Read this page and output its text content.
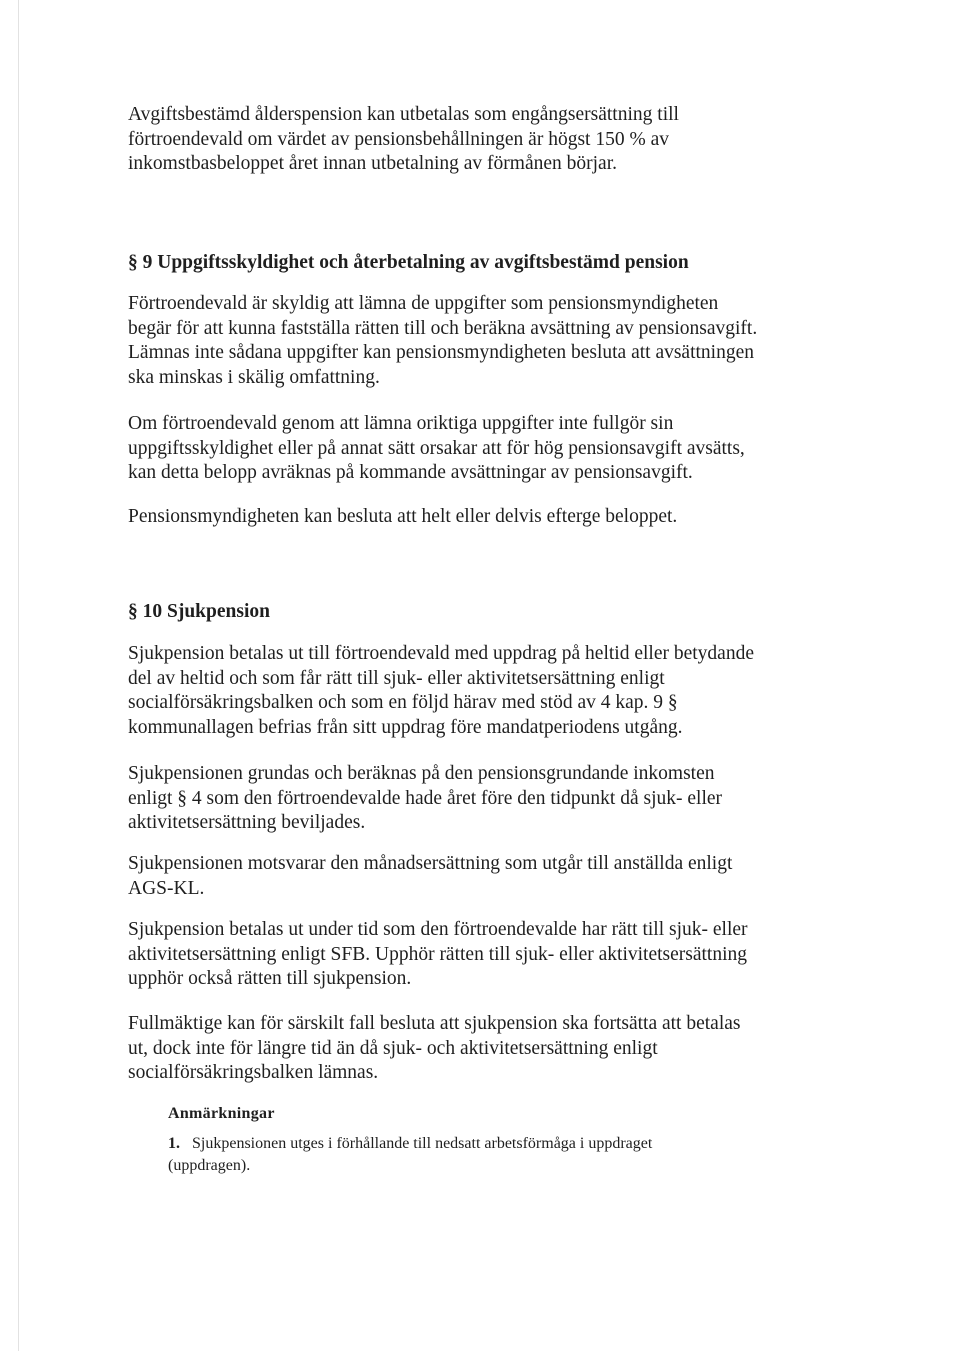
Avgiftsbestämd ålderspension kan utbetalas som engångsersättning till
förtroendevald om värdet av pensionsbehållningen är högst 150 % av
inkomstbasbeloppet året innan utbetalning av förmånen börjar.

§ 9 Uppgiftsskyldighet och återbetalning av avgiftsbestämd pension

Förtroendevald är skyldig att lämna de uppgifter som pensionsmyndigheten
begär för att kunna fastställa rätten till och beräkna avsättning av pensionsavgift.
Lämnas inte sådana uppgifter kan pensionsmyndigheten besluta att avsättningen
ska minskas i skälig omfattning.

Om förtroendevald genom att lämna oriktiga uppgifter inte fullgör sin
uppgiftsskyldighet eller på annat sätt orsakar att för hög pensionsavgift avsätts,
kan detta belopp avräknas på kommande avsättningar av pensionsavgift.

Pensionsmyndigheten kan besluta att helt eller delvis efterge beloppet.

§ 10 Sjukpension

Sjukpension betalas ut till förtroendevald med uppdrag på heltid eller betydande
del av heltid och som får rätt till sjuk- eller aktivitetsersättning enligt
socialförsäkringsbalken och som en följd härav med stöd av 4 kap. 9 §
kommunallagen befrias från sitt uppdrag före mandatperiodens utgång.

Sjukpensionen grundas och beräknas på den pensionsgrundande inkomsten
enligt § 4 som den förtroendevalde hade året före den tidpunkt då sjuk- eller
aktivitetsersättning beviljades.

Sjukpensionen motsvarar den månadsersättning som utgår till anställda enligt
AGS-KL.

Sjukpension betalas ut under tid som den förtroendevalde har rätt till sjuk- eller
aktivitetsersättning enligt SFB. Upphör rätten till sjuk- eller aktivitetsersättning
upphör också rätten till sjukpension.

Fullmäktige kan för särskilt fall besluta att sjukpension ska fortsätta att betalas
ut, dock inte för längre tid än då sjuk- och aktivitetsersättning enligt
socialförsäkringsbalken lämnas.

Anmärkningar
1. Sjukpensionen utges i förhållande till nedsatt arbetsförmåga i uppdraget
(uppdragen).
